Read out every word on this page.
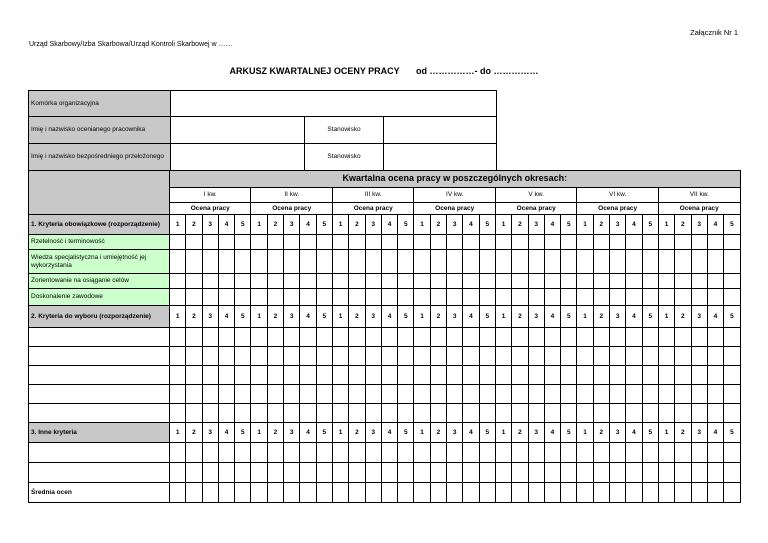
Załącznik Nr 1
Urząd Skarbowy/Izba Skarbowa/Urząd Kontroli Skarbowej w ……
ARKUSZ KWARTALNEJ OCENY PRACY od ……………- do ……………
Komórka organizacyjna			
Imię i nazwisko ocenianego pracownika		Stanowisko	
Imię i nazwisko bezpośredniego przełożonego		Stanowisko	
	Kwartalna ocena pracy w poszczególnych okresach:																																		
	I kw.					II kw.					III kw.					IV kw.					V kw.					VI kw.					VII kw.				
	Ocena pracy					Ocena pracy					Ocena pracy					Ocena pracy					Ocena pracy					Ocena pracy					Ocena pracy				
1. Kryteria obowiązkowe (rozporządzenie)	1	2	3	4	5	1	2	3	4	5	1	2	3	4	5	1	2	3	4	5	1	2	3	4	5	1	2	3	4	5	1	2	3	4	5
Rzetelność i terminowość																																			
Wiedza specjalistyczna i umiejętność jej wykorzystania																																			
Zorientowanie na osiąganie celów																																			
Doskonalenie zawodowe																																			
2. Kryteria do wyboru (rozporządzenie)	1	2	3	4	5	1	2	3	4	5	1	2	3	4	5	1	2	3	4	5	1	2	3	4	5	1	2	3	4	5	1	2	3	4	5

3. Inne kryteria	1	2	3	4	5	1	2	3	4	5	1	2	3	4	5	1	2	3	4	5	1	2	3	4	5	1	2	3	4	5	1	2	3	4	5

Średnia ocen																																			
